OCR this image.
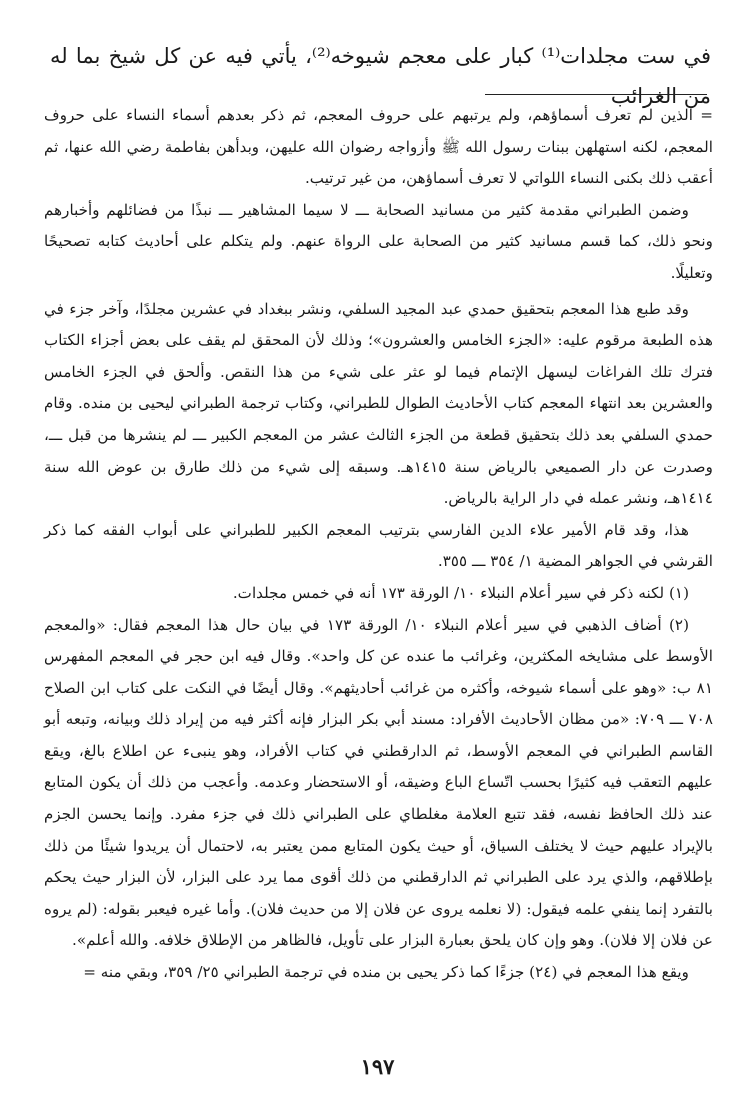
في ست مجلدات⁽¹⁾ كبار على معجم شيوخه⁽²⁾، يأتي فيه عن كل شيخ بما له من الغرائب

= الذين لم تعرف أسماؤهم، ولم يرتبهم على حروف المعجم، ثم ذكر بعدهم أسماء النساء على حروف المعجم، لكنه استهلهن ببنات رسول الله ﷺ وأزواجه رضوان الله عليهن، وبدأهن بفاطمة رضي الله عنها، ثم أعقب ذلك بكنى النساء اللواتي لا تعرف أسماؤهن، من غير ترتيب.

وضمن الطبراني مقدمة كثير من مسانيد الصحابة ـــ لا سيما المشاهير ـــ نبذًا من فضائلهم وأخبارهم ونحو ذلك، كما قسم مسانيد كثير من الصحابة على الرواة عنهم. ولم يتكلم على أحاديث كتابه تصحيحًا وتعليلًا.

وقد طبع هذا المعجم بتحقيق حمدي عبد المجيد السلفي، ونشر ببغداد في عشرين مجلدًا، وآخر جزء في هذه الطبعة مرقوم عليه: «الجزء الخامس والعشرون»؛ وذلك لأن المحقق لم يقف على بعض أجزاء الكتاب فترك تلك الفراغات ليسهل الإتمام فيما لو عثر على شيء من هذا النقص. وألحق في الجزء الخامس والعشرين بعد انتهاء المعجم كتاب الأحاديث الطوال للطبراني، وكتاب ترجمة الطبراني ليحيى بن منده. وقام حمدي السلفي بعد ذلك بتحقيق قطعة من الجزء الثالث عشر من المعجم الكبير ـــ لم ينشرها من قبل ـــ، وصدرت عن دار الصميعي بالرياض سنة ١٤١٥هـ. وسبقه إلى شيء من ذلك طارق بن عوض الله سنة ١٤١٤هـ، ونشر عمله في دار الراية بالرياض.

هذا، وقد قام الأمير علاء الدين الفارسي بترتيب المعجم الكبير للطبراني على أبواب الفقه كما ذكر القرشي في الجواهر المضية ١/ ٣٥٤ ـــ ٣٥٥.

(١) لكنه ذكر في سير أعلام النبلاء ١٠/ الورقة ١٧٣ أنه في خمس مجلدات.

(٢) أضاف الذهبي في سير أعلام النبلاء ١٠/ الورقة ١٧٣ في بيان حال هذا المعجم فقال: «والمعجم الأوسط على مشايخه المكثرين، وغرائب ما عنده عن كل واحد». وقال فيه ابن حجر في المعجم المفهرس ٨١ ب: «وهو على أسماء شيوخه، وأكثره من غرائب أحاديثهم». وقال أيضًا في النكت على كتاب ابن الصلاح ٧٠٨ ـــ ٧٠٩: «من مظان الأحاديث الأفراد: مسند أبي بكر البزار فإنه أكثر فيه من إيراد ذلك وبيانه، وتبعه أبو القاسم الطبراني في المعجم الأوسط، ثم الدارقطني في كتاب الأفراد، وهو ينبىء عن اطلاع بالغ، ويقع عليهم التعقب فيه كثيرًا بحسب اتّساع الباع وضيقه، أو الاستحضار وعدمه. وأعجب من ذلك أن يكون المتابع عند ذلك الحافظ نفسه، فقد تتبع العلامة مغلطاي على الطبراني ذلك في جزء مفرد. وإنما يحسن الجزم بالإيراد عليهم حيث لا يختلف السياق، أو حيث يكون المتابع ممن يعتبر به، لاحتمال أن يريدوا شيئًا من ذلك بإطلاقهم، والذي يرد على الطبراني ثم الدارقطني من ذلك أقوى مما يرد على البزار، لأن البزار حيث يحكم بالتفرد إنما ينفي علمه فيقول: (لا نعلمه يروى عن فلان إلا من حديث فلان). وأما غيره فيعبر بقوله: (لم يروه عن فلان إلا فلان). وهو وإن كان يلحق بعبارة البزار على تأويل، فالظاهر من الإطلاق خلافه. والله أعلم».

ويقع هذا المعجم في (٢٤) جزءًا كما ذكر يحيى بن منده في ترجمة الطبراني ٢٥/ ٣٥٩، وبقي منه =

١٩٧
